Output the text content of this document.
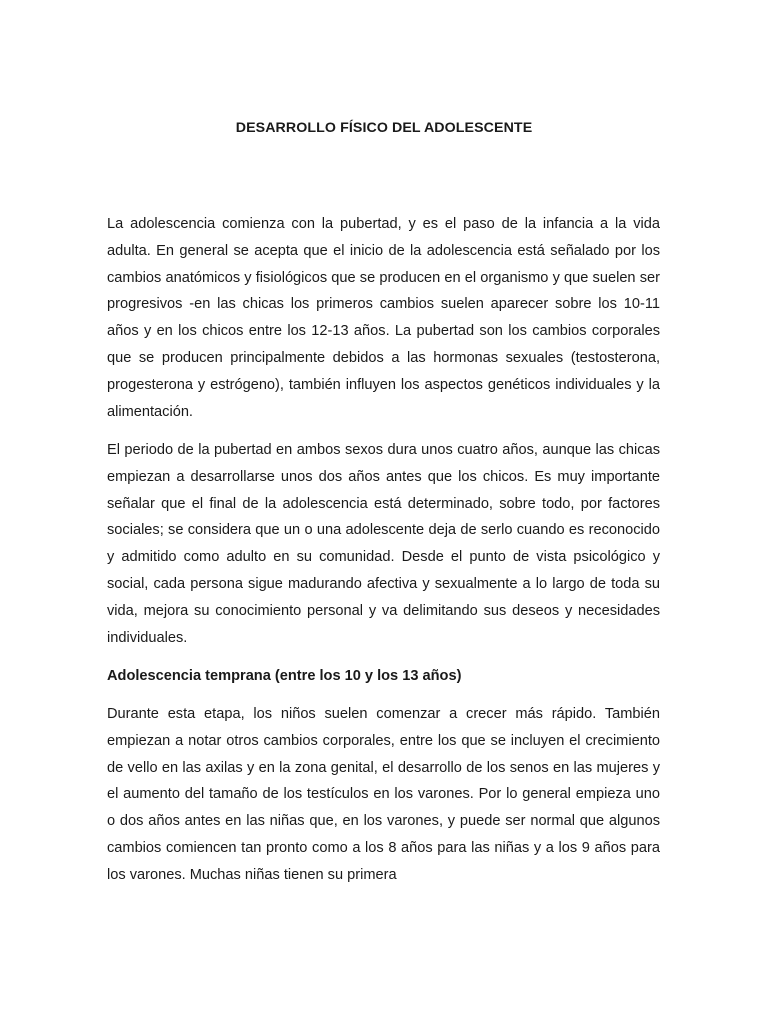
DESARROLLO FÍSICO DEL ADOLESCENTE

La adolescencia comienza con la pubertad, y es el paso de la infancia a la vida adulta. En general se acepta que el inicio de la adolescencia está señalado por los cambios anatómicos y fisiológicos que se producen en el organismo y que suelen ser progresivos -en las chicas los primeros cambios suelen aparecer sobre los 10-11 años y en los chicos entre los 12-13 años. La pubertad son los cambios corporales que se producen principalmente debidos a las hormonas sexuales (testosterona, progesterona y estrógeno), también influyen los aspectos genéticos individuales y la alimentación.

El periodo de la pubertad en ambos sexos dura unos cuatro años, aunque las chicas empiezan a desarrollarse unos dos años antes que los chicos. Es muy importante señalar que el final de la adolescencia está determinado, sobre todo, por factores sociales; se considera que un o una adolescente deja de serlo cuando es reconocido y admitido como adulto en su comunidad. Desde el punto de vista psicológico y social, cada persona sigue madurando afectiva y sexualmente a lo largo de toda su vida, mejora su conocimiento personal y va delimitando sus deseos y necesidades individuales.

Adolescencia temprana (entre los 10 y los 13 años)

Durante esta etapa, los niños suelen comenzar a crecer más rápido. También empiezan a notar otros cambios corporales, entre los que se incluyen el crecimiento de vello en las axilas y en la zona genital, el desarrollo de los senos en las mujeres y el aumento del tamaño de los testículos en los varones. Por lo general empieza uno o dos años antes en las niñas que, en los varones, y puede ser normal que algunos cambios comiencen tan pronto como a los 8 años para las niñas y a los 9 años para los varones. Muchas niñas tienen su primera
